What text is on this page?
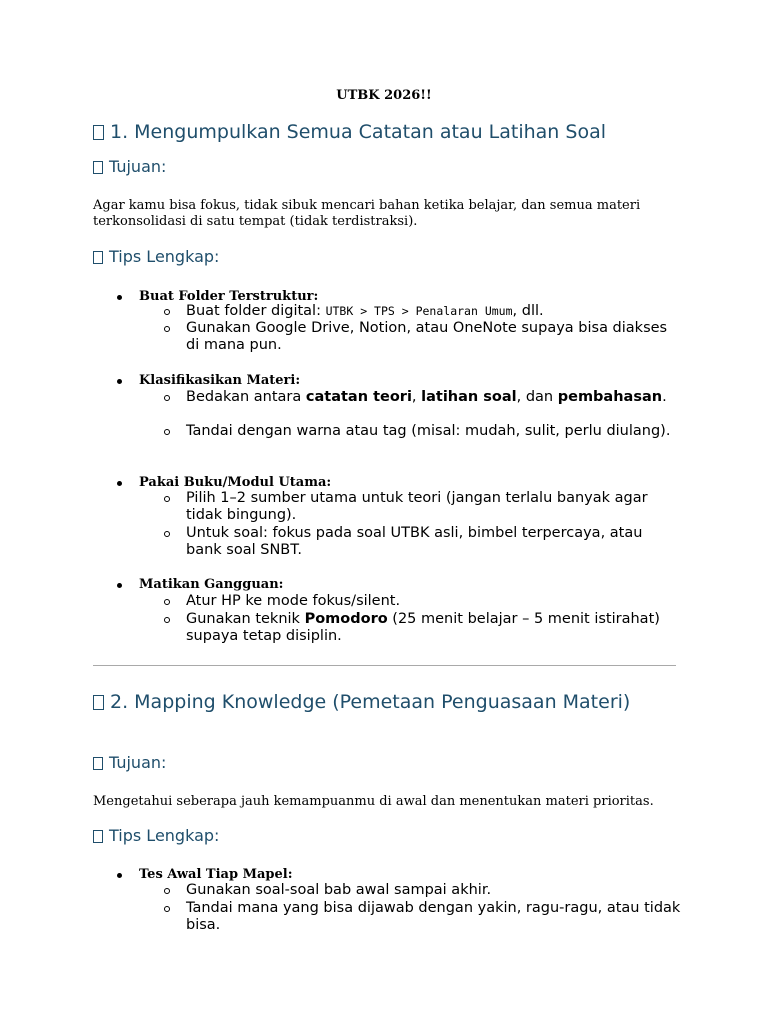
UTBK 2026!!
1. Mengumpulkan Semua Catatan atau Latihan Soal
Tujuan:
Agar kamu bisa fokus, tidak sibuk mencari bahan ketika belajar, dan semua materi terkonsolidasi di satu tempat (tidak terdistraksi).
Tips Lengkap:
Buat Folder Terstruktur:
Buat folder digital: UTBK > TPS > Penalaran Umum, dll.
Gunakan Google Drive, Notion, atau OneNote supaya bisa diakses di mana pun.
Klasifikasikan Materi:
Bedakan antara catatan teori, latihan soal, dan pembahasan.
Tandai dengan warna atau tag (misal: mudah, sulit, perlu diulang).
Pakai Buku/Modul Utama:
Pilih 1–2 sumber utama untuk teori (jangan terlalu banyak agar tidak bingung).
Untuk soal: fokus pada soal UTBK asli, bimbel terpercaya, atau bank soal SNBT.
Matikan Gangguan:
Atur HP ke mode fokus/silent.
Gunakan teknik Pomodoro (25 menit belajar – 5 menit istirahat) supaya tetap disiplin.
2. Mapping Knowledge (Pemetaan Penguasaan Materi)
Tujuan:
Mengetahui seberapa jauh kemampuanmu di awal dan menentukan materi prioritas.
Tips Lengkap:
Tes Awal Tiap Mapel:
Gunakan soal-soal bab awal sampai akhir.
Tandai mana yang bisa dijawab dengan yakin, ragu-ragu, atau tidak bisa.
